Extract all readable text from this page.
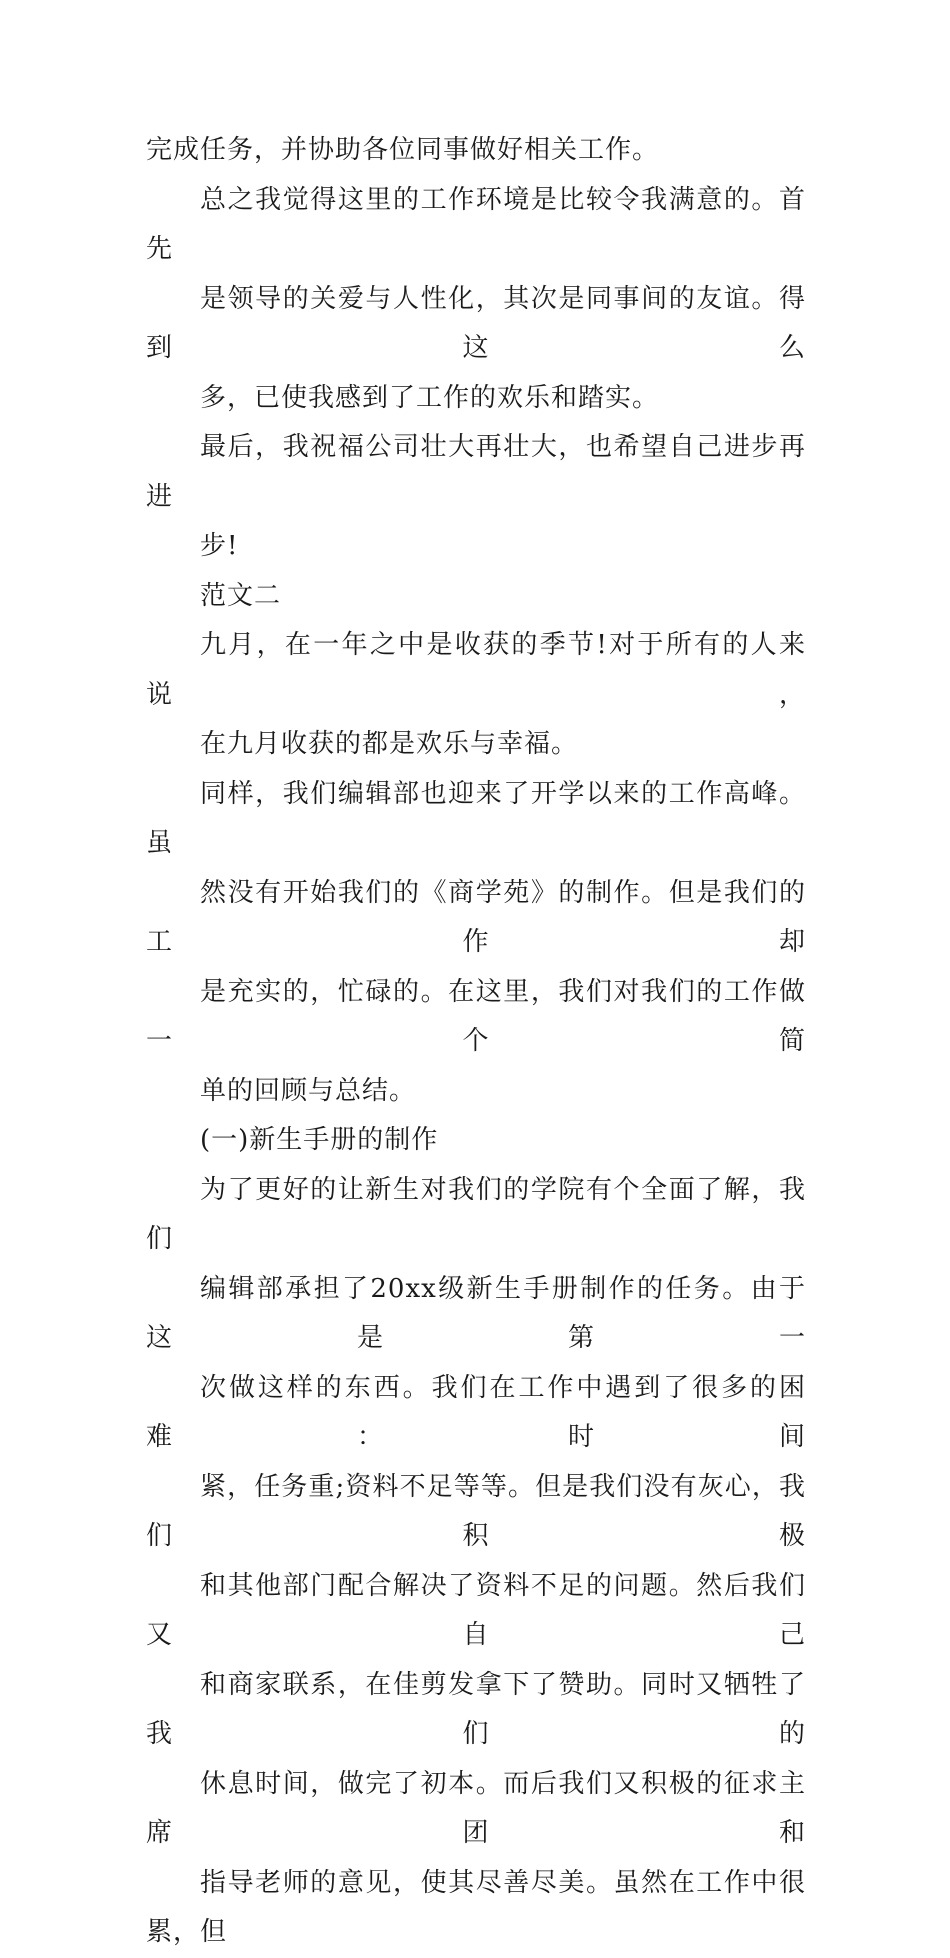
完成任务，并协助各位同事做好相关工作。
总之我觉得这里的工作环境是比较令我满意的。首先
是领导的关爱与人性化，其次是同事间的友谊。得到这么
多，已使我感到了工作的欢乐和踏实。
最后，我祝福公司壮大再壮大，也希望自己进步再进
步!
范文二
九月，在一年之中是收获的季节!对于所有的人来说，
在九月收获的都是欢乐与幸福。
同样，我们编辑部也迎来了开学以来的工作高峰。虽
然没有开始我们的《商学苑》的制作。但是我们的工作却
是充实的，忙碌的。在这里，我们对我们的工作做一个简
单的回顾与总结。
(一)新生手册的制作
为了更好的让新生对我们的学院有个全面了解，我们
编辑部承担了20xx级新生手册制作的任务。由于这是第一
次做这样的东西。我们在工作中遇到了很多的困难：时间
紧，任务重;资料不足等等。但是我们没有灰心，我们积极
和其他部门配合解决了资料不足的问题。然后我们又自己
和商家联系，在佳剪发拿下了赞助。同时又牺牲了我们的
休息时间，做完了初本。而后我们又积极的征求主席团和
指导老师的意见，使其尽善尽美。虽然在工作中很累，但
